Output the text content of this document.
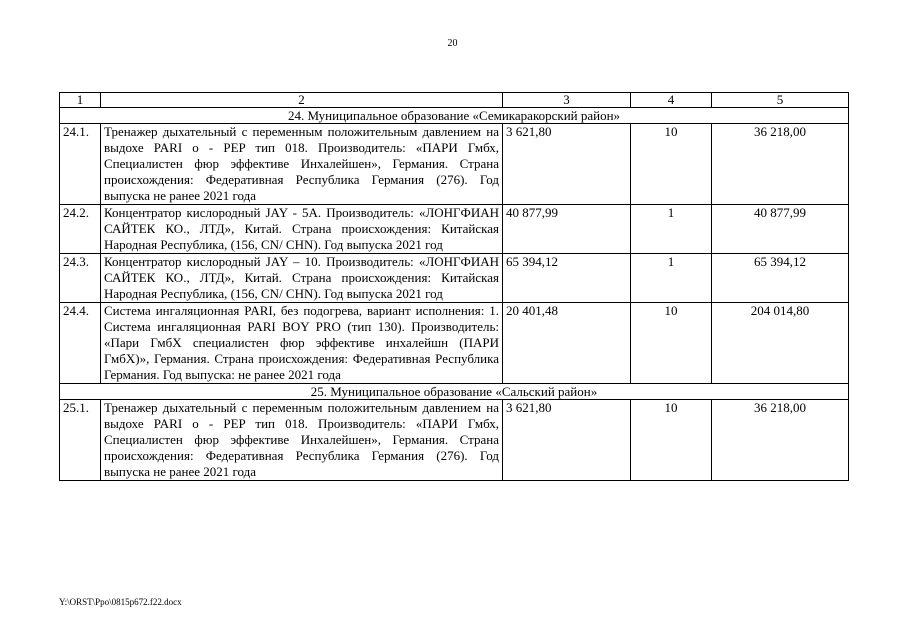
20
1	2	3	4	5
24. Муниципальное образование «Семикаракорский район»				
24.1.	Тренажер дыхательный с переменным положительным давлением на выдохе PARI o - PEP тип 018. Производитель: «ПАРИ Гмбх, Специалистен фюр эффективе Инхалейшен», Германия. Страна происхождения: Федеративная Республика Германия (276). Год выпуска не ранее 2021 года	3 621,80	10	36 218,00
24.2.	Концентратор кислородный JAY - 5A. Производитель: «ЛОНГФИАН САЙТЕК КО., ЛТД», Китай. Страна происхождения: Китайская Народная Республика, (156, CN/ CHN). Год выпуска 2021 год	40 877,99	1	40 877,99
24.3.	Концентратор кислородный JAY – 10. Производитель: «ЛОНГФИАН САЙТЕК КО., ЛТД», Китай. Страна происхождения: Китайская Народная Республика, (156, CN/ CHN). Год выпуска 2021 год	65 394,12	1	65 394,12
24.4.	Система ингаляционная PARI, без подогрева, вариант исполнения: 1. Система ингаляционная PARI BOY PRO (тип 130). Производитель: «Пари ГмбХ специалистен фюр эффективе инхалейшн (ПАРИ ГмбХ)», Германия. Страна происхождения: Федеративная Республика Германия. Год выпуска: не ранее 2021 года	20 401,48	10	204 014,80
25. Муниципальное образование «Сальский район»				
25.1.	Тренажер дыхательный с переменным положительным давлением на выдохе PARI o - PEP тип 018. Производитель: «ПАРИ Гмбх, Специалистен фюр эффективе Инхалейшен», Германия. Страна происхождения: Федеративная Республика Германия (276). Год выпуска не ранее 2021 года	3 621,80	10	36 218,00
Y:\ORST\Ppo\0815p672.f22.docx
